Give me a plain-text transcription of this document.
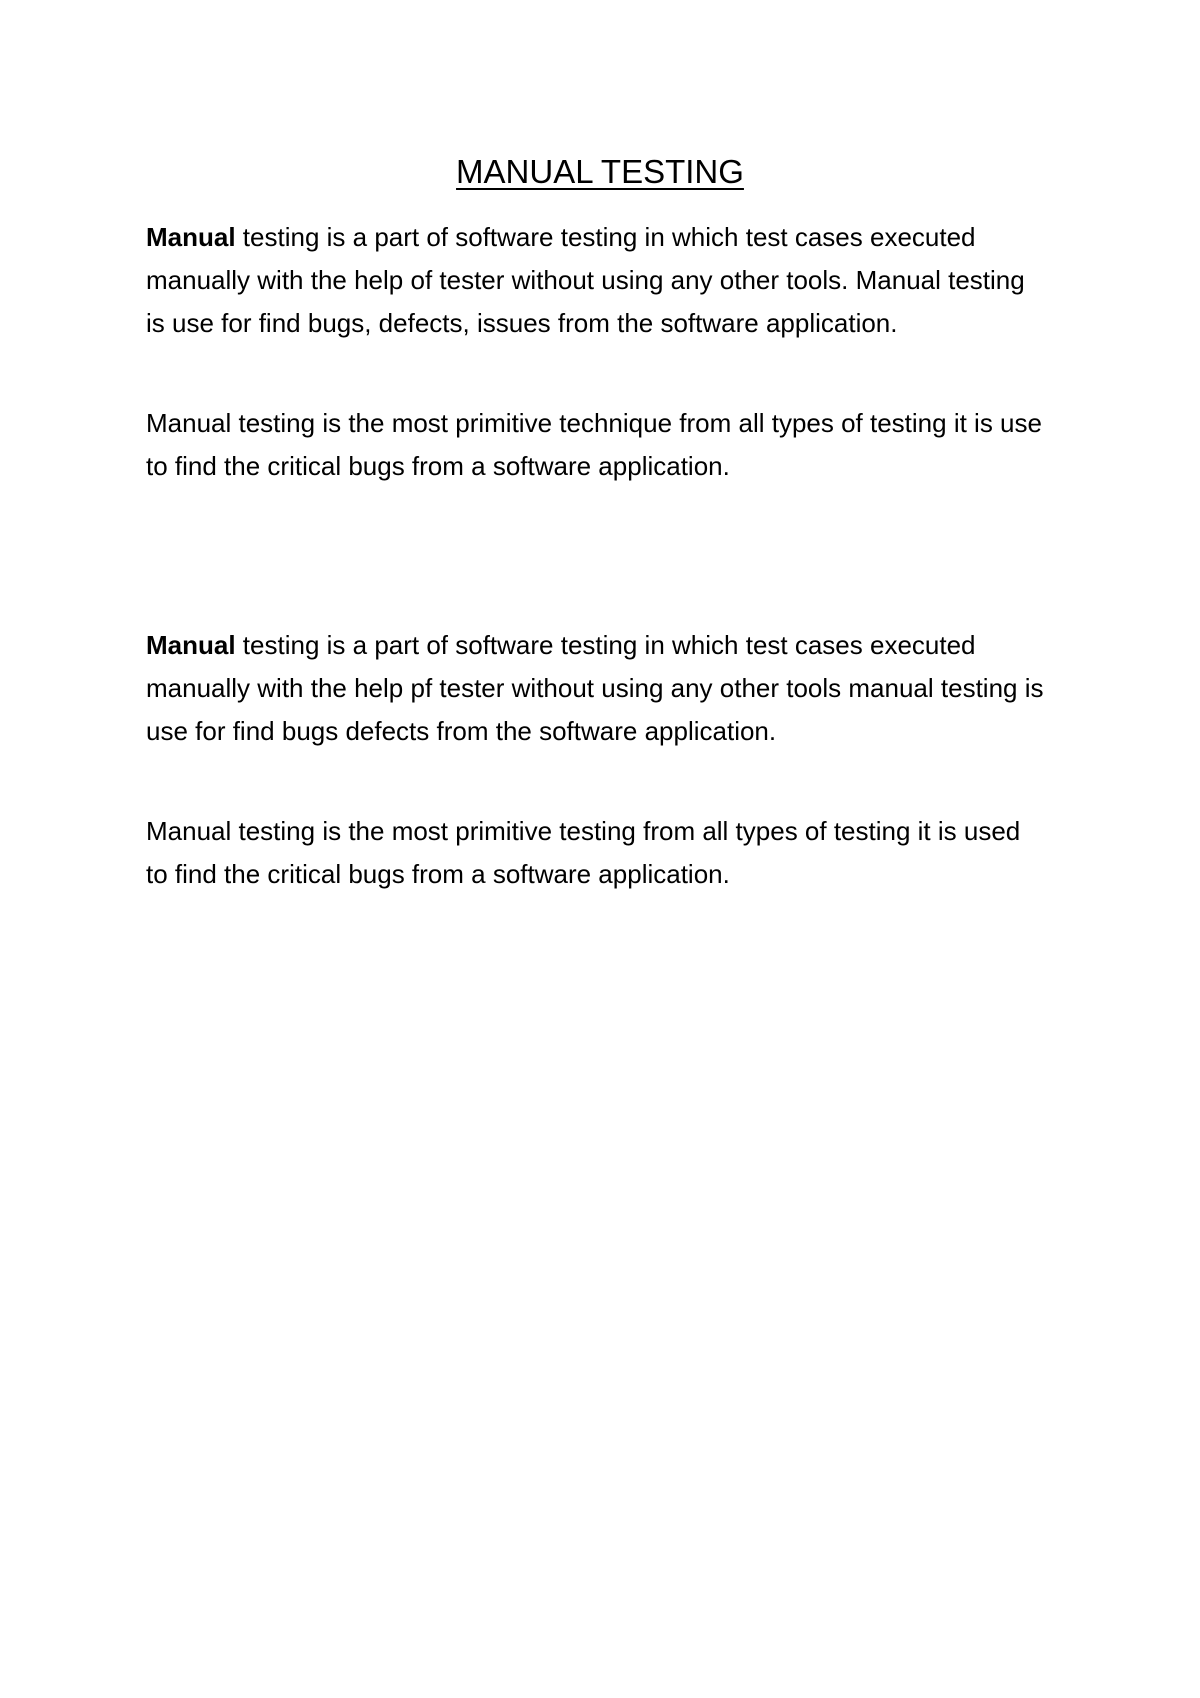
MANUAL TESTING

Manual testing is a part of software testing in which test cases executed manually with the help of tester without using any other tools. Manual testing is use for find bugs, defects, issues from the software application.

Manual testing is the most primitive technique from all types of testing it is use to find the critical bugs from a software application.

Manual testing is a part of software testing in which test cases executed manually with the help pf tester without using any other tools manual testing is use for find bugs defects from the software application.

Manual testing is the most primitive testing from all types of testing it is used to find the critical bugs from a software application.
